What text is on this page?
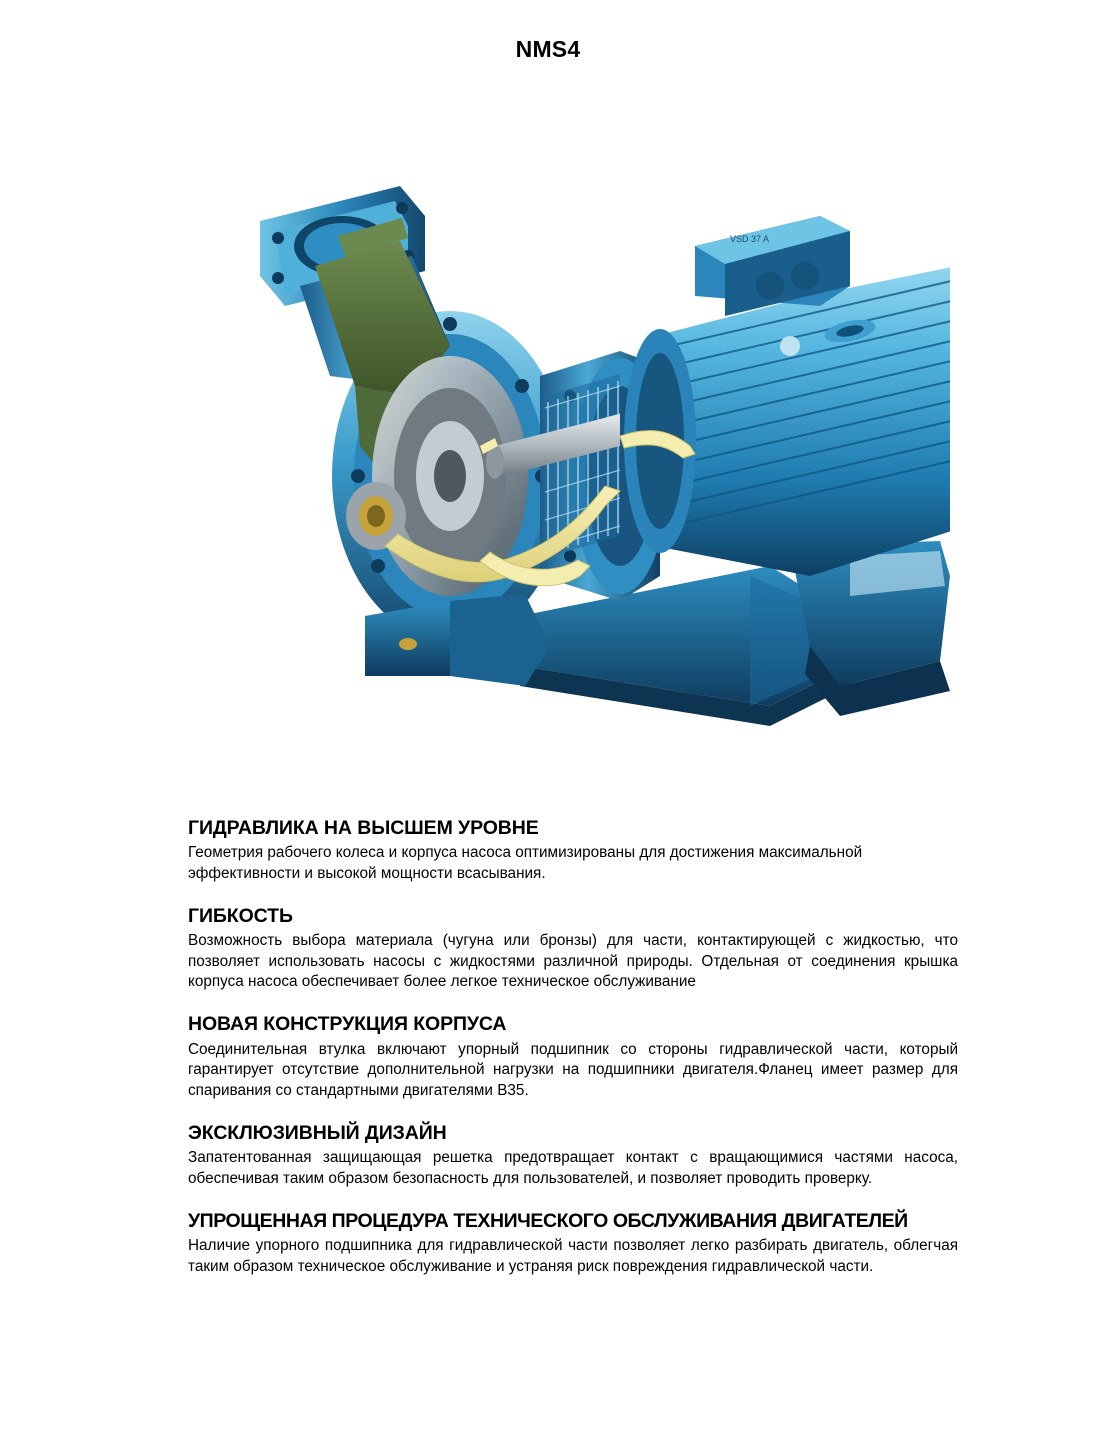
NMS4
VSD 37 A
ГИДРАВЛИКА НА ВЫСШЕМ УРОВНЕ

Геометрия рабочего колеса и корпуса насоса оптимизированы для достижения максимальной эффективности и высокой мощности всасывания.

ГИБКОСТЬ

Возможность выбора материала (чугуна или бронзы) для части, контактирующей с жидкостью, что позволяет использовать насосы с жидкостями различной природы. Отдельная от соединения крышка корпуса насоса обеспечивает более легкое техническое обслуживание

НОВАЯ КОНСТРУКЦИЯ КОРПУСА

Соединительная втулка включают упорный подшипник со стороны гидравлической части, который гарантирует отсутствие дополнительной нагрузки на подшипники двигателя.Фланец имеет размер для спаривания со стандартными двигателями B35.

ЭКСКЛЮЗИВНЫЙ ДИЗАЙН

Запатентованная защищающая решетка предотвращает контакт с вращающимися частями насоса, обеспечивая таким образом безопасность для пользователей, и позволяет проводить проверку.

УПРОЩЕННАЯ ПРОЦЕДУРА ТЕХНИЧЕСКОГО ОБСЛУЖИВАНИЯ ДВИГАТЕЛЕЙ

Наличие упорного подшипника для гидравлической части позволяет легко разбирать двигатель, облегчая таким образом техническое обслуживание и устраняя риск повреждения гидравлической части.
